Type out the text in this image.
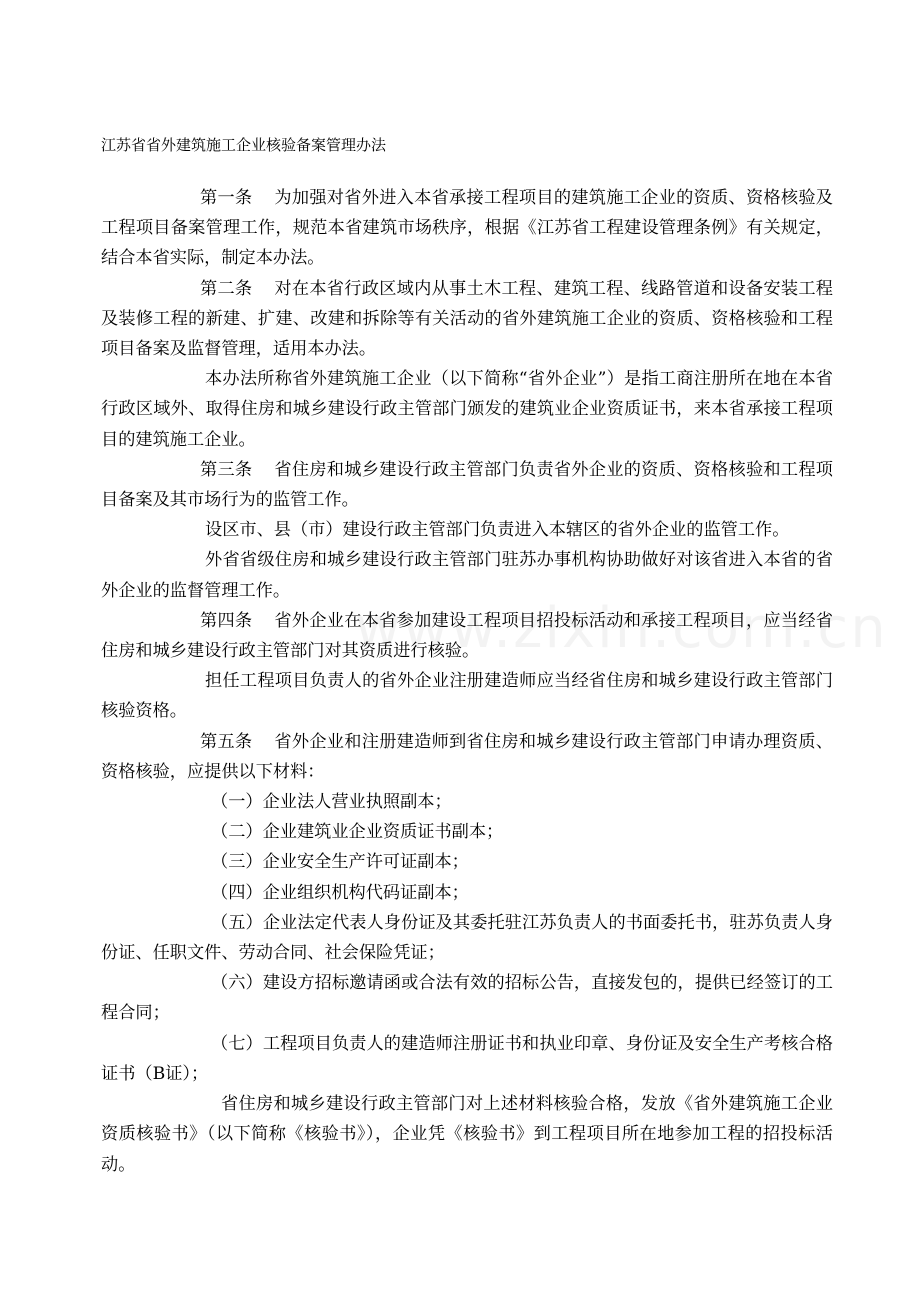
江苏省省外建筑施工企业核验备案管理办法

第一条 为加强对省外进入本省承接工程项目的建筑施工企业的资质、资格核验及工程项目备案管理工作，规范本省建筑市场秩序，根据《江苏省工程建设管理条例》有关规定，结合本省实际，制定本办法。

第二条 对在本省行政区域内从事土木工程、建筑工程、线路管道和设备安装工程及装修工程的新建、扩建、改建和拆除等有关活动的省外建筑施工企业的资质、资格核验和工程项目备案及监督管理，适用本办法。

本办法所称省外建筑施工企业（以下简称“省外企业”）是指工商注册所在地在本省行政区域外、取得住房和城乡建设行政主管部门颁发的建筑业企业资质证书，来本省承接工程项目的建筑施工企业。

第三条 省住房和城乡建设行政主管部门负责省外企业的资质、资格核验和工程项目备案及其市场行为的监管工作。

设区市、县（市）建设行政主管部门负责进入本辖区的省外企业的监管工作。

外省省级住房和城乡建设行政主管部门驻苏办事机构协助做好对该省进入本省的省外企业的监督管理工作。

第四条 省外企业在本省参加建设工程项目招投标活动和承接工程项目，应当经省住房和城乡建设行政主管部门对其资质进行核验。

担任工程项目负责人的省外企业注册建造师应当经省住房和城乡建设行政主管部门核验资格。

第五条 省外企业和注册建造师到省住房和城乡建设行政主管部门申请办理资质、资格核验，应提供以下材料：

（一）企业法人营业执照副本；

（二）企业建筑业企业资质证书副本；

（三）企业安全生产许可证副本；

（四）企业组织机构代码证副本；

（五）企业法定代表人身份证及其委托驻江苏负责人的书面委托书，驻苏负责人身份证、任职文件、劳动合同、社会保险凭证；

（六）建设方招标邀请函或合法有效的招标公告，直接发包的，提供已经签订的工程合同；

（七）工程项目负责人的建造师注册证书和执业印章、身份证及安全生产考核合格证书（B证）；

省住房和城乡建设行政主管部门对上述材料核验合格，发放《省外建筑施工企业资质核验书》（以下简称《核验书》），企业凭《核验书》到工程项目所在地参加工程的招投标活动。
